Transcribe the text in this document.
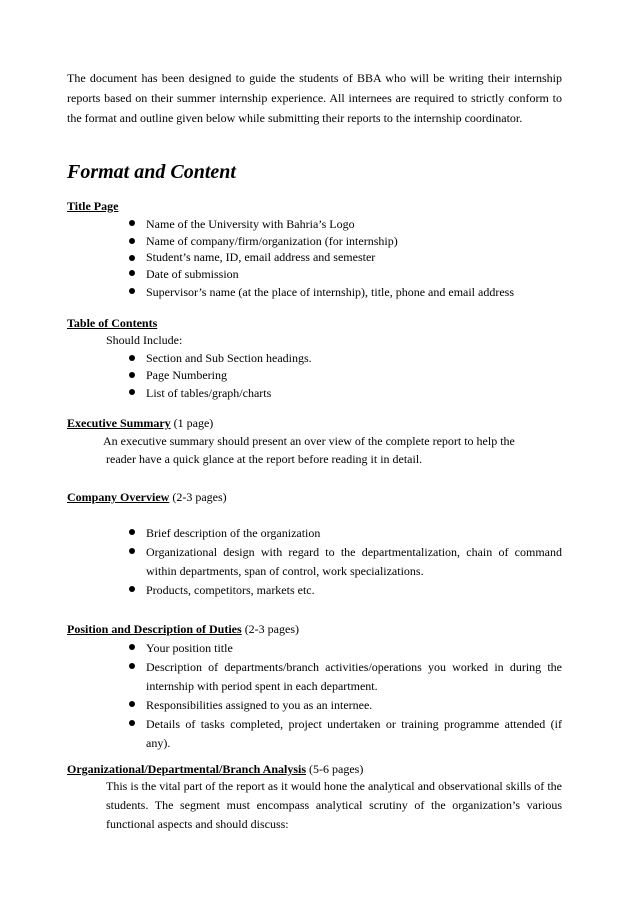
The document has been designed to guide the students of BBA who will be writing their internship reports based on their summer internship experience. All internees are required to strictly conform to the format and outline given below while submitting their reports to the internship coordinator.

Format and Content

Title Page

Name of the University with Bahria’s Logo
Name of company/firm/organization (for internship)
Student’s name, ID, email address and semester
Date of submission
Supervisor’s name (at the place of internship), title, phone and email address

Table of Contents

Should Include:

Section and Sub Section headings.
Page Numbering
List of tables/graph/charts

Executive Summary (1 page)

An executive summary should present an over view of the complete report to help the

reader have a quick glance at the report before reading it in detail.

Company Overview (2-3 pages)

Brief description of the organization
Organizational design with regard to the departmentalization, chain of command within departments, span of control, work specializations.
Products, competitors, markets etc.

Position and Description of Duties (2-3 pages)

Your position title
Description of departments/branch activities/operations you worked in during the internship with period spent in each department.
Responsibilities assigned to you as an internee.
Details of tasks completed, project undertaken or training programme attended (if any).

Organizational/Departmental/Branch Analysis (5-6 pages)

This is the vital part of the report as it would hone the analytical and observational skills of the students. The segment must encompass analytical scrutiny of the organization’s various functional aspects and should discuss:
